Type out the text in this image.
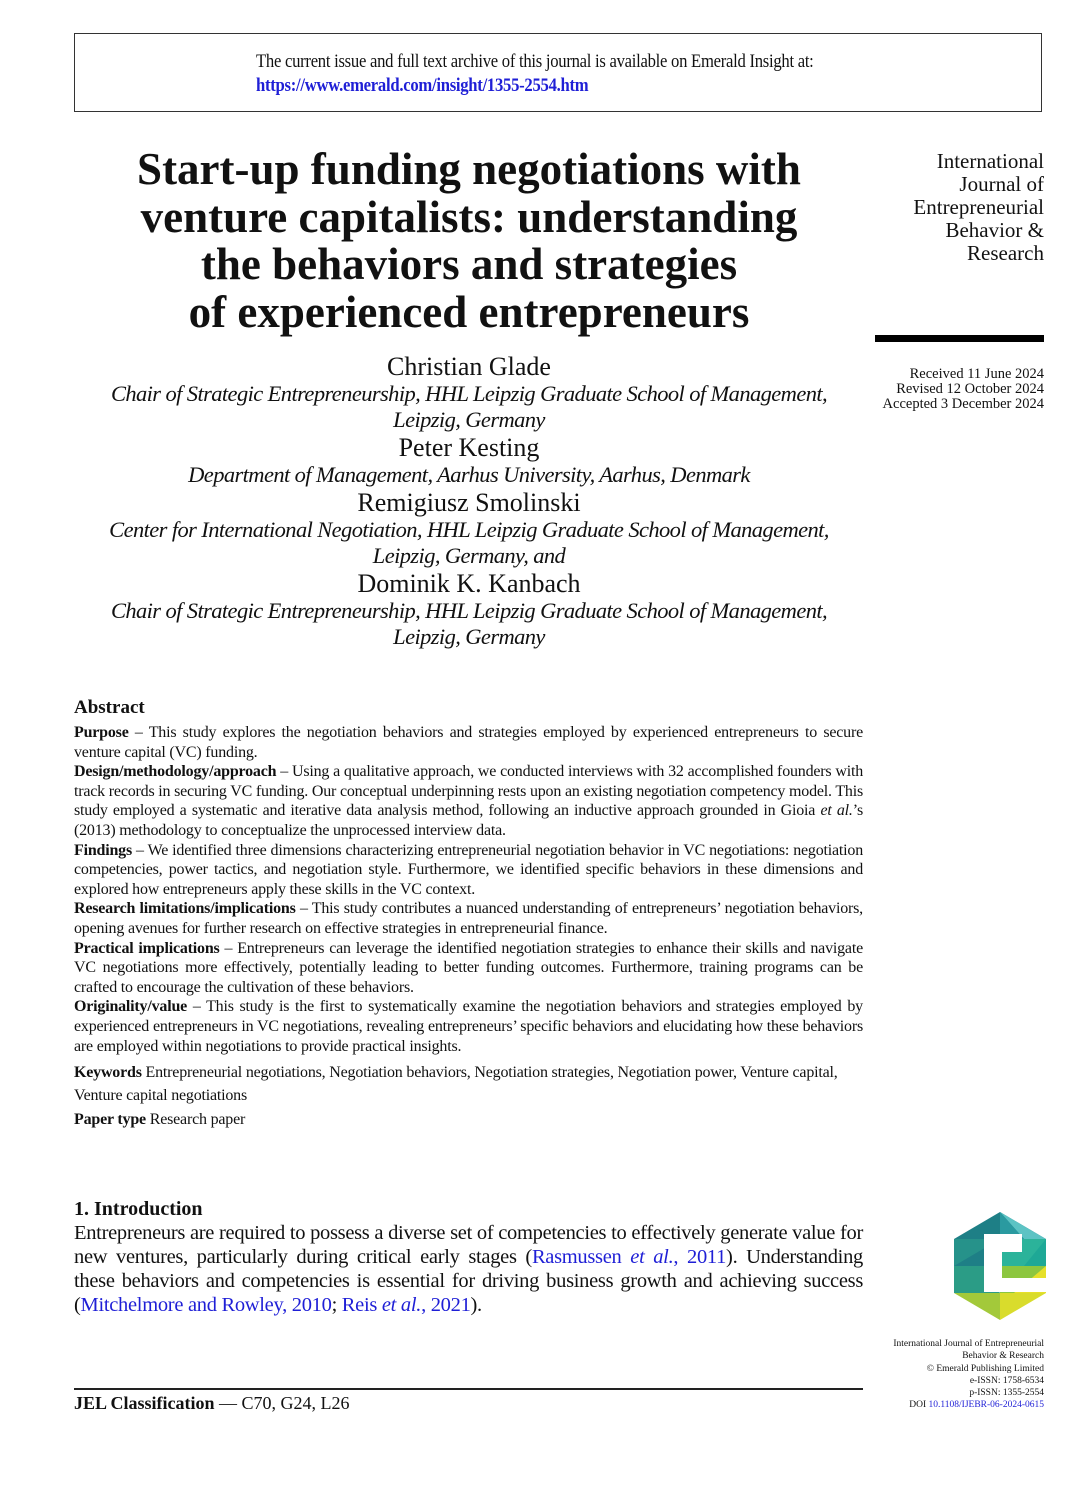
The current issue and full text archive of this journal is available on Emerald Insight at:
https://www.emerald.com/insight/1355-2554.htm
Start-up funding negotiations with
venture capitalists: understanding
the behaviors and strategies
of experienced entrepreneurs
International
Journal of
Entrepreneurial
Behavior &
Research
Received 11 June 2024
Revised 12 October 2024
Accepted 3 December 2024
Christian Glade
Chair of Strategic Entrepreneurship, HHL Leipzig Graduate School of Management,
Leipzig, Germany
Peter Kesting
Department of Management, Aarhus University, Aarhus, Denmark
Remigiusz Smolinski
Center for International Negotiation, HHL Leipzig Graduate School of Management,
Leipzig, Germany, and
Dominik K. Kanbach
Chair of Strategic Entrepreneurship, HHL Leipzig Graduate School of Management,
Leipzig, Germany
Abstract
Purpose – This study explores the negotiation behaviors and strategies employed by experienced entrepreneurs to secure venture capital (VC) funding.
Design/methodology/approach – Using a qualitative approach, we conducted interviews with 32 accomplished founders with track records in securing VC funding. Our conceptual underpinning rests upon an existing negotiation competency model. This study employed a systematic and iterative data analysis method, following an inductive approach grounded in Gioia et al.’s (2013) methodology to conceptualize the unprocessed interview data.
Findings – We identified three dimensions characterizing entrepreneurial negotiation behavior in VC negotiations: negotiation competencies, power tactics, and negotiation style. Furthermore, we identified specific behaviors in these dimensions and explored how entrepreneurs apply these skills in the VC context.
Research limitations/implications – This study contributes a nuanced understanding of entrepreneurs’ negotiation behaviors, opening avenues for further research on effective strategies in entrepreneurial finance.
Practical implications – Entrepreneurs can leverage the identified negotiation strategies to enhance their skills and navigate VC negotiations more effectively, potentially leading to better funding outcomes. Furthermore, training programs can be crafted to encourage the cultivation of these behaviors.
Originality/value – This study is the first to systematically examine the negotiation behaviors and strategies employed by experienced entrepreneurs in VC negotiations, revealing entrepreneurs’ specific behaviors and elucidating how these behaviors are employed within negotiations to provide practical insights.
Keywords Entrepreneurial negotiations, Negotiation behaviors, Negotiation strategies, Negotiation power, Venture capital, Venture capital negotiations
Paper type Research paper
1. Introduction
Entrepreneurs are required to possess a diverse set of competencies to effectively generate value for new ventures, particularly during critical early stages (Rasmussen et al., 2011). Understanding these behaviors and competencies is essential for driving business growth and achieving success (Mitchelmore and Rowley, 2010; Reis et al., 2021).
JEL Classification — C70, G24, L26
International Journal of Entrepreneurial
Behavior & Research
© Emerald Publishing Limited
e-ISSN: 1758-6534
p-ISSN: 1355-2554
DOI 10.1108/IJEBR-06-2024-0615
